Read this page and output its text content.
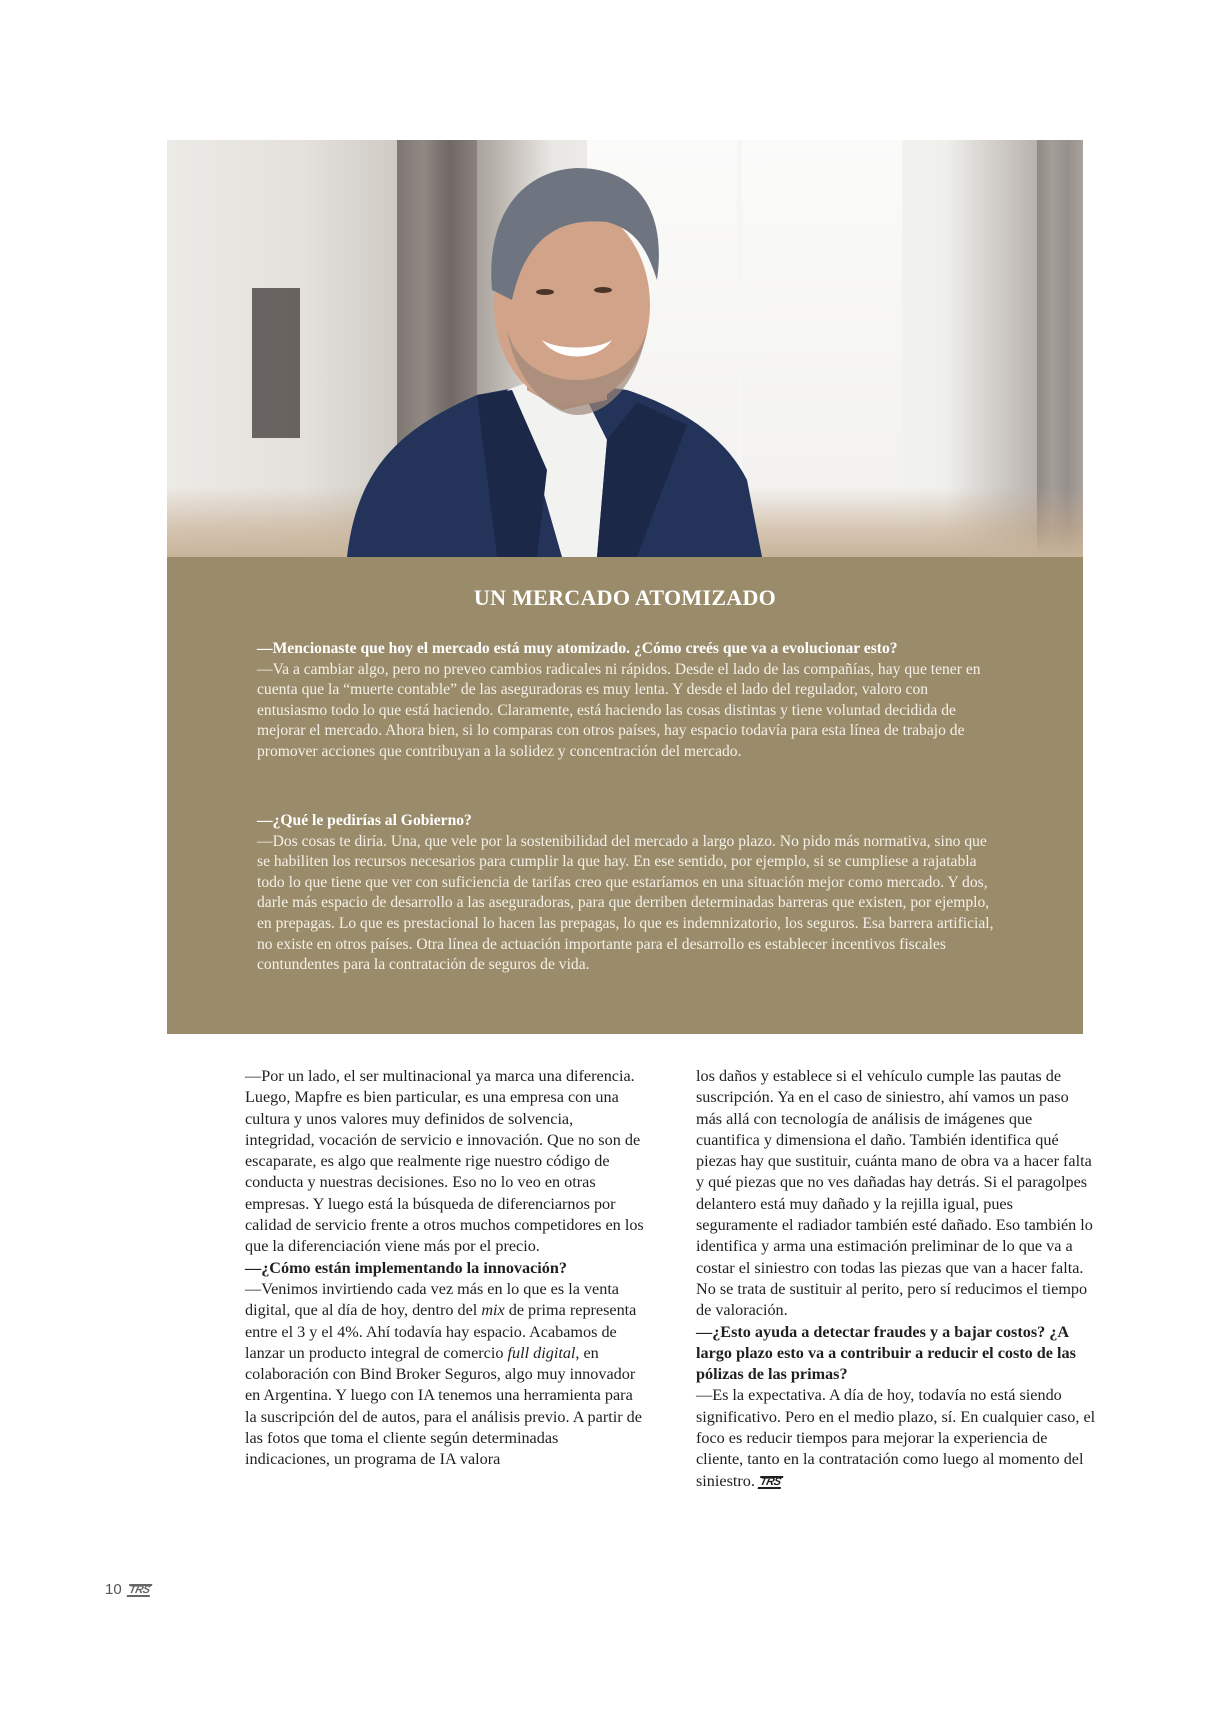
UN MERCADO ATOMIZADO
—Mencionaste que hoy el mercado está muy atomizado. ¿Cómo creés que va a evolucionar esto?
—Va a cambiar algo, pero no preveo cambios radicales ni rápidos. Desde el lado de las compañías, hay que tener en cuenta que la “muerte contable” de las aseguradoras es muy lenta. Y desde el lado del regulador, valoro con entusiasmo todo lo que está haciendo. Claramente, está haciendo las cosas distintas y tiene voluntad decidida de mejorar el mercado. Ahora bien, si lo comparas con otros países, hay espacio todavía para esta línea de trabajo de promover acciones que contribuyan a la solidez y concentración del mercado.
—¿Qué le pedirías al Gobierno?
—Dos cosas te diría. Una, que vele por la sostenibilidad del mercado a largo plazo. No pido más normativa, sino que se habiliten los recursos necesarios para cumplir la que hay. En ese sentido, por ejemplo, si se cumpliese a rajatabla todo lo que tiene que ver con suficiencia de tarifas creo que estaríamos en una situación mejor como mercado. Y dos, darle más espacio de desarrollo a las aseguradoras, para que derriben determinadas barreras que existen, por ejemplo, en prepagas. Lo que es prestacional lo hacen las prepagas, lo que es indemnizatorio, los seguros. Esa barrera artificial, no existe en otros países. Otra línea de actuación importante para el desarrollo es establecer incentivos fiscales contundentes para la contratación de seguros de vida.

—Por un lado, el ser multinacional ya marca una diferencia. Luego, Mapfre es bien particular, es una empresa con una cultura y unos valores muy definidos de solvencia, integridad, vocación de servicio e innovación. Que no son de escaparate, es algo que realmente rige nuestro código de conducta y nuestras decisiones. Eso no lo veo en otras empresas. Y luego está la búsqueda de diferenciarnos por calidad de servicio frente a otros muchos competidores en los que la diferenciación viene más por el precio.

—¿Cómo están implementando la innovación?

—Venimos invirtiendo cada vez más en lo que es la venta digital, que al día de hoy, dentro del mix de prima representa entre el 3 y el 4%. Ahí todavía hay espacio. Acabamos de lanzar un producto integral de comercio full digital, en colaboración con Bind Broker Seguros, algo muy innovador en Argentina. Y luego con IA tenemos una herramienta para la suscripción del de autos, para el análisis previo. A partir de las fotos que toma el cliente según determinadas indicaciones, un programa de IA valora

los daños y establece si el vehículo cumple las pautas de suscripción. Ya en el caso de siniestro, ahí vamos un paso más allá con tecnología de análisis de imágenes que cuantifica y dimensiona el daño. También identifica qué piezas hay que sustituir, cuánta mano de obra va a hacer falta y qué piezas que no ves dañadas hay detrás. Si el paragolpes delantero está muy dañado y la rejilla igual, pues seguramente el radiador también esté dañado. Eso también lo identifica y arma una estimación preliminar de lo que va a costar el siniestro con todas las piezas que van a hacer falta. No se trata de sustituir al perito, pero sí reducimos el tiempo de valoración.

—¿Esto ayuda a detectar fraudes y a bajar costos? ¿A largo plazo esto va a contribuir a reducir el costo de las pólizas de las primas?

—Es la expectativa. A día de hoy, todavía no está siendo significativo. Pero en el medio plazo, sí. En cualquier caso, el foco es reducir tiempos para mejorar la experiencia de cliente, tanto en la contratación como luego al momento del siniestro. TRS

10 TRS
